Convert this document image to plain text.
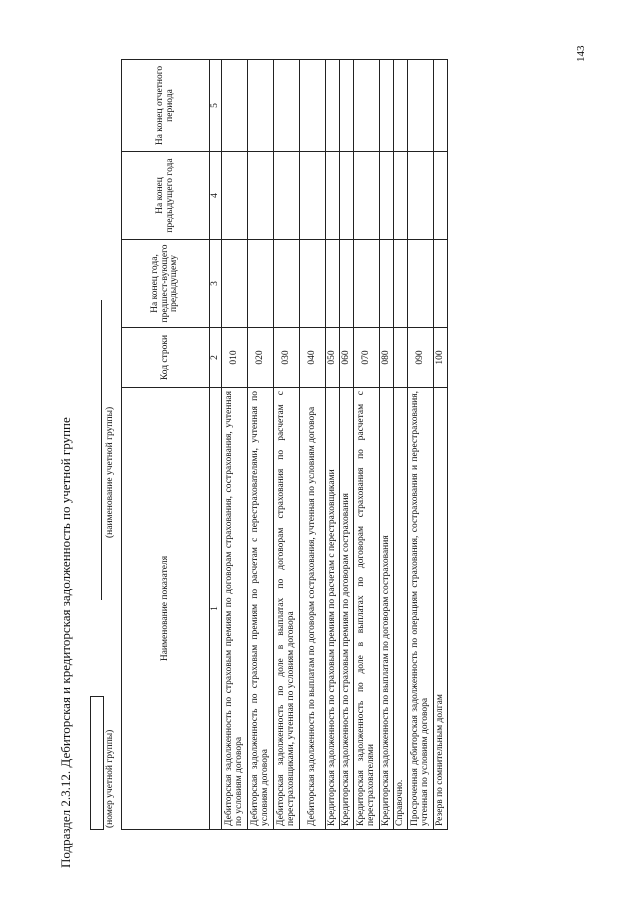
143
Подраздел 2.3.12. Дебиторская и кредиторская задолженность по учетной группе	(номер учетной группы)
(наименование учетной группы)
Наименование показателя	Код строки	На конец года, предшест-вующего предыдущему	На конец предыдущего года	На конец отчетного периода
1	2	3	4	5
Дебиторская задолженность по страховым премиям по договорам страхования, сострахования, учтенная по условиям договора	010			
Дебиторская задолженность по страховым премиям по расчетам с перестрахователями, учтенная по условиям договора	020			
Дебиторская задолженность по доле в выплатах по договорам страхования по расчетам с перестраховщиками, учтенная по условиям договора	030			
Дебиторская задолженность по выплатам по договорам сострахования, учтенная по условиям договора	040			
Кредиторская задолженность по страховым премиям по расчетам с перестраховщиками	050			
Кредиторская задолженность по страховым премиям по договорам сострахования	060			
Кредиторская задолженность по доле в выплатах по договорам страхования по расчетам с перестрахователями	070			
Кредиторская задолженность по выплатам по договорам сострахования	080			
Справочно.				
Просроченная дебиторская задолженность по операциям страхования, сострахования и перестрахования, учтенная по условиям договора	090			
Резерв по сомнительным долгам	100			
